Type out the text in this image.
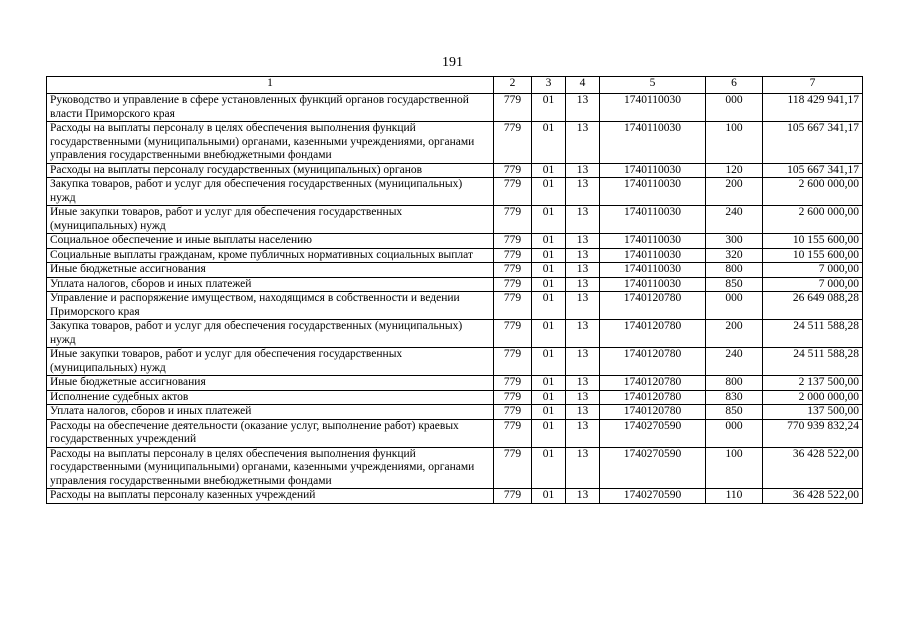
191
1	2	3	4	5	6	7
Руководство и управление в сфере установленных функций органов государственной власти Приморского края	779	01	13	1740110030	000	118 429 941,17
Расходы на выплаты персоналу в целях обеспечения выполнения функций государственными (муниципальными) органами, казенными учреждениями, органами управления государственными внебюджетными фондами	779	01	13	1740110030	100	105 667 341,17
Расходы на выплаты персоналу государственных (муниципальных) органов	779	01	13	1740110030	120	105 667 341,17
Закупка товаров, работ и услуг для обеспечения государственных (муниципальных) нужд	779	01	13	1740110030	200	2 600 000,00
Иные закупки товаров, работ и услуг для обеспечения государственных (муниципальных) нужд	779	01	13	1740110030	240	2 600 000,00
Социальное обеспечение и иные выплаты населению	779	01	13	1740110030	300	10 155 600,00
Социальные выплаты гражданам, кроме публичных нормативных социальных выплат	779	01	13	1740110030	320	10 155 600,00
Иные бюджетные ассигнования	779	01	13	1740110030	800	7 000,00
Уплата налогов, сборов и иных платежей	779	01	13	1740110030	850	7 000,00
Управление и распоряжение имуществом, находящимся в собственности и ведении Приморского края	779	01	13	1740120780	000	26 649 088,28
Закупка товаров, работ и услуг для обеспечения государственных (муниципальных) нужд	779	01	13	1740120780	200	24 511 588,28
Иные закупки товаров, работ и услуг для обеспечения государственных (муниципальных) нужд	779	01	13	1740120780	240	24 511 588,28
Иные бюджетные ассигнования	779	01	13	1740120780	800	2 137 500,00
Исполнение судебных актов	779	01	13	1740120780	830	2 000 000,00
Уплата налогов, сборов и иных платежей	779	01	13	1740120780	850	137 500,00
Расходы на обеспечение деятельности (оказание услуг, выполнение работ) краевых государственных учреждений	779	01	13	1740270590	000	770 939 832,24
Расходы на выплаты персоналу в целях обеспечения выполнения функций государственными (муниципальными) органами, казенными учреждениями, органами управления государственными внебюджетными фондами	779	01	13	1740270590	100	36 428 522,00
Расходы на выплаты персоналу казенных учреждений	779	01	13	1740270590	110	36 428 522,00
